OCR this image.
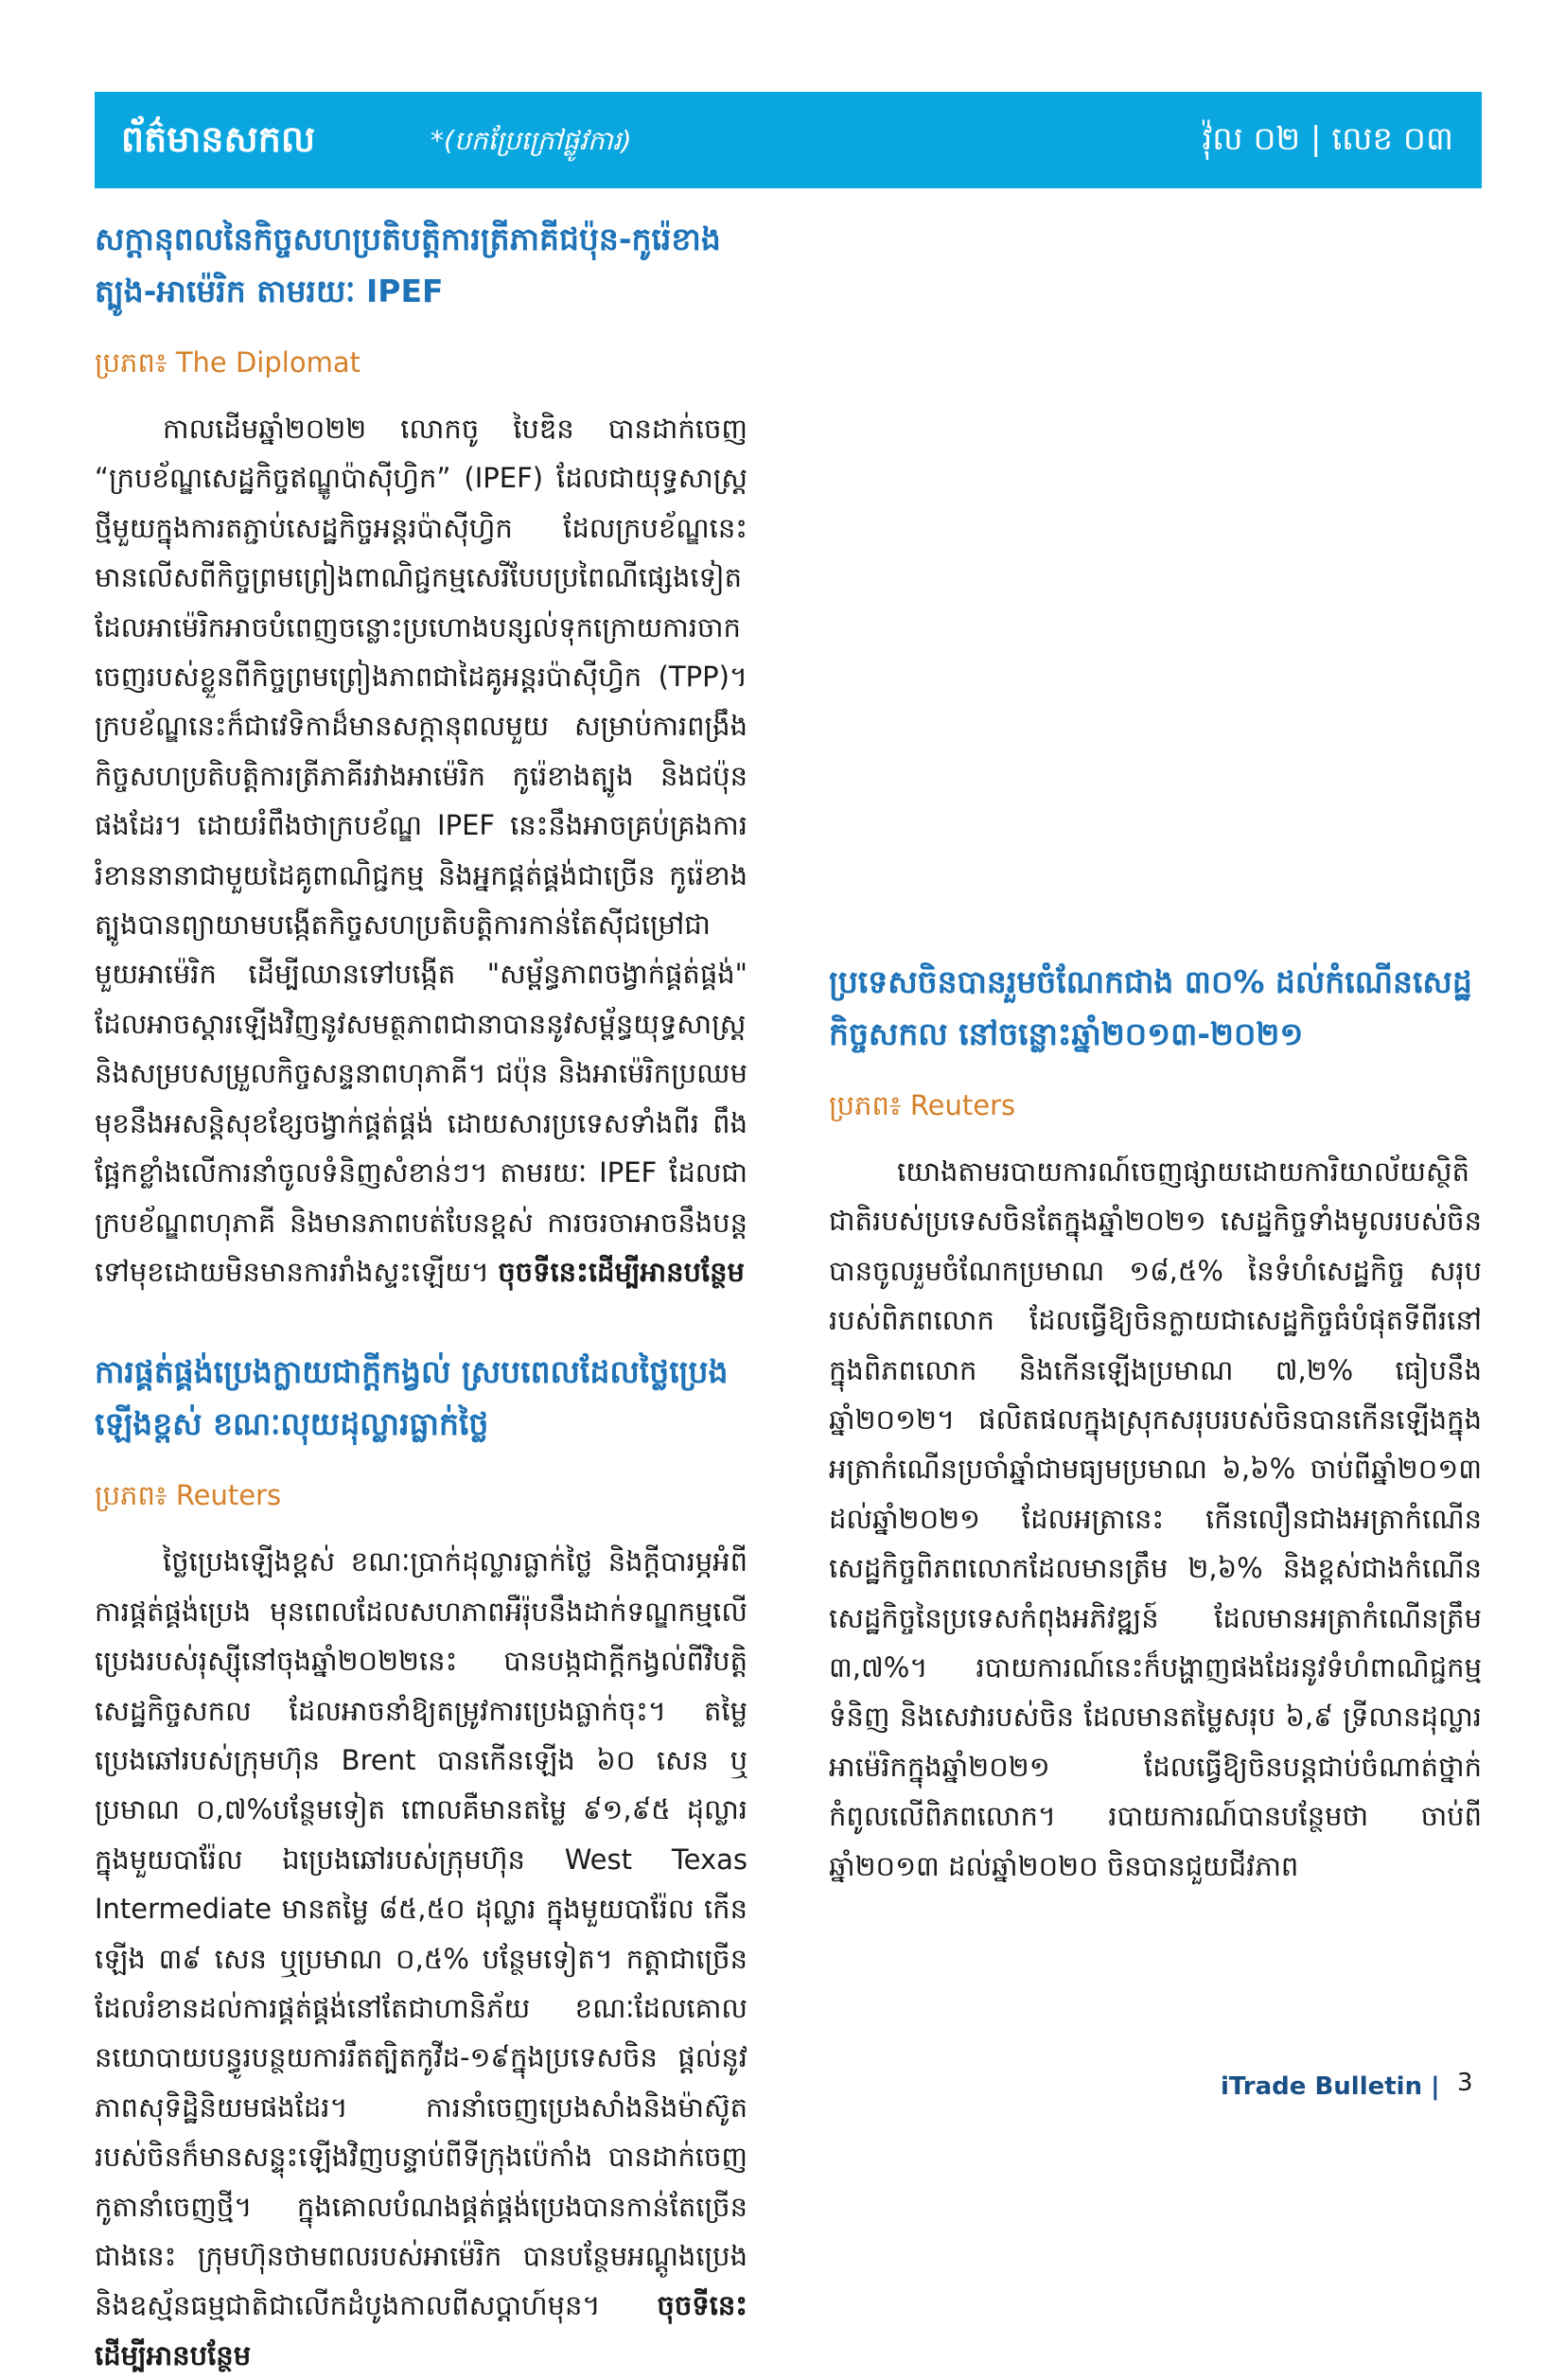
ព័ត៌មានសកល	*(បកប្រែក្រៅផ្លូវការ)	វ៉ុល ០២ | លេខ ០៣
សក្តានុពលនៃកិច្ចសហប្រតិបត្តិការត្រីភាគីជប៉ុន-កូរ៉េខាងត្បូង-អាម៉េរិក តាមរយៈ IPEF
ប្រភព៖ The Diplomat

កាលដើមឆ្នាំ២០២២ លោកចូ បៃឌិន បានដាក់ចេញ “ក្របខ័ណ្ឌសេដ្ឋកិច្ចឥណ្ឌូប៉ាស៊ីហ្វិក” (IPEF) ដែលជាយុទ្ធសាស្ត្រថ្មីមួយក្នុងការតភ្ជាប់សេដ្ឋកិច្ចអន្តរប៉ាស៊ីហ្វិក ដែលក្របខ័ណ្ឌនេះ មានលើសពីកិច្ចព្រមព្រៀងពាណិជ្ជកម្មសេរីបែបប្រពៃណីផ្សេងទៀត ដែលអាម៉េរិកអាចបំពេញចន្លោះប្រហោងបន្សល់ទុកក្រោយការចាកចេញរបស់ខ្លួនពីកិច្ចព្រមព្រៀងភាពជាដៃគូអន្តរប៉ាស៊ីហ្វិក (TPP)។ ក្របខ័ណ្ឌនេះក៏ជាវេទិកាដ៏មានសក្តានុពលមួយ សម្រាប់ការពង្រឹងកិច្ចសហប្រតិបត្តិការត្រីភាគីរវាងអាម៉េរិក កូរ៉េខាងត្បូង និងជប៉ុនផងដែរ។ ដោយរំពឹងថាក្របខ័ណ្ឌ IPEF នេះនឹងអាចគ្រប់គ្រងការរំខាននានាជាមួយដៃគូពាណិជ្ជកម្ម និងអ្នកផ្គត់ផ្គង់ជាច្រើន កូរ៉េខាងត្បូងបានព្យាយាមបង្កើតកិច្ចសហប្រតិបត្តិការកាន់តែស៊ីជម្រៅជាមួយអាម៉េរិក ដើម្បីឈានទៅបង្កើត "សម្ព័ន្ធភាពចង្វាក់ផ្គត់ផ្គង់" ដែលអាចស្តារឡើងវិញនូវសមត្ថភាពជានាបាននូវសម្ព័ន្ធយុទ្ធសាស្ត្រ និងសម្របសម្រួលកិច្ចសន្ទនាពហុភាគី។ ជប៉ុន និងអាម៉េរិកប្រឈមមុខនឹងអសន្តិសុខខ្សែចង្វាក់ផ្គត់ផ្គង់ ដោយសារប្រទេសទាំងពីរ ពឹងផ្អែកខ្លាំងលើការនាំចូលទំនិញសំខាន់ៗ។ តាមរយៈ IPEF ដែលជាក្របខ័ណ្ឌពហុភាគី និងមានភាពបត់បែនខ្ពស់ ការចរចាអាចនឹងបន្តទៅមុខដោយមិនមានការរាំងស្ទះឡើយ។ ចុចទីនេះដើម្បីអានបន្ថែម

ការផ្គត់ផ្គង់ប្រេងក្លាយជាក្តីកង្វល់ ស្របពេលដែលថ្លៃប្រេងឡើងខ្ពស់ ខណៈលុយដុល្លារធ្លាក់ថ្លៃ
ប្រភព៖ Reuters

ថ្លៃប្រេងឡើងខ្ពស់ ខណៈប្រាក់ដុល្លារធ្លាក់ថ្លៃ និងក្តីបារម្ភអំពីការផ្គត់ផ្គង់ប្រេង មុនពេលដែលសហភាពអឺរ៉ុបនឹងដាក់ទណ្ឌកម្មលើប្រេងរបស់រុស្ស៊ីនៅចុងឆ្នាំ២០២២នេះ បានបង្កជាក្តីកង្វល់ពីវិបត្តិសេដ្ឋកិច្ចសកល ដែលអាចនាំឱ្យតម្រូវការប្រេងធ្លាក់ចុះ។ តម្លៃប្រេងឆៅរបស់ក្រុមហ៊ុន Brent បានកើនឡើង ៦០ សេន ឬប្រមាណ ០,៧%បន្ថែមទៀត ពោលគឺមានតម្លៃ ៩១,៩៥ ដុល្លារក្នុងមួយបារ៉ែល ឯប្រេងឆៅរបស់ក្រុមហ៊ុន West Texas Intermediate មានតម្លៃ ៨៥,៥០ ដុល្លារ ក្នុងមួយបារ៉ែល កើនឡើង ៣៩ សេន ឬប្រមាណ ០,៥% បន្ថែមទៀត។ កត្តាជាច្រើនដែលរំខានដល់ការផ្គត់ផ្គង់នៅតែជាហានិភ័យ ខណៈដែលគោលនយោបាយបន្ធូរបន្ថយការរឹតត្បិតកូវីដ-១៩ក្នុងប្រទេសចិន ផ្តល់នូវភាពសុទិដ្ឋិនិយមផងដែរ។ ការនាំចេញប្រេងសាំងនិងម៉ាស៊ូតរបស់ចិនក៏មានសន្ទុះឡើងវិញបន្ទាប់ពីទីក្រុងប៉េកាំង បានដាក់ចេញកូតានាំចេញថ្មី។ ក្នុងគោលបំណងផ្គត់ផ្គង់ប្រេងបានកាន់តែច្រើនជាងនេះ ក្រុមហ៊ុនថាមពលរបស់អាម៉េរិក បានបន្ថែមអណ្តូងប្រេង និងឧស្ម័នធម្មជាតិជាលើកដំបូងកាលពីសប្តាហ៍មុន។ ចុចទីនេះដើម្បីអានបន្ថែម

ប្រទេសចិនបានរួមចំណែកជាង ៣០% ដល់កំណើនសេដ្ឋកិច្ចសកល នៅចន្លោះឆ្នាំ២០១៣-២០២១
ប្រភព៖ Reuters

យោងតាមរបាយការណ៍ចេញផ្សាយដោយការិយាល័យស្ថិតិជាតិរបស់ប្រទេសចិនតែក្នុងឆ្នាំ២០២១ សេដ្ឋកិច្ចទាំងមូលរបស់ចិនបានចូលរួមចំណែកប្រមាណ ១៨,៥% នៃទំហំសេដ្ឋកិច្ច សរុបរបស់ពិភពលោក ដែលធ្វើឱ្យចិនក្លាយជាសេដ្ឋកិច្ចធំបំផុតទីពីរនៅក្នុងពិភពលោក និងកើនឡើងប្រមាណ ៧,២% ធៀបនឹងឆ្នាំ២០១២។ ផលិតផលក្នុងស្រុកសរុបរបស់ចិនបានកើនឡើងក្នុងអត្រាកំណើនប្រចាំឆ្នាំជាមធ្យមប្រមាណ ៦,៦% ចាប់ពីឆ្នាំ២០១៣ ដល់ឆ្នាំ២០២១ ដែលអត្រានេះ កើនលឿនជាងអត្រាកំណើនសេដ្ឋកិច្ចពិភពលោកដែលមានត្រឹម ២,៦% និងខ្ពស់ជាងកំណើនសេដ្ឋកិច្ចនៃប្រទេសកំពុងអភិវឌ្ឍន៍ ដែលមានអត្រាកំណើនត្រឹម ៣,៧%។ របាយការណ៍នេះក៏បង្ហាញផងដែរនូវទំហំពាណិជ្ជកម្មទំនិញ និងសេវារបស់ចិន ដែលមានតម្លៃសរុប ៦,៩ ទ្រីលានដុល្លារអាម៉េរិកក្នុងឆ្នាំ២០២១ ដែលធ្វើឱ្យចិនបន្តជាប់ចំណាត់ថ្នាក់កំពូលលើពិភពលោក។ របាយការណ៍បានបន្ថែមថា ចាប់ពីឆ្នាំ២០១៣ ដល់ឆ្នាំ២០២០ ចិនបានជួយជីវភាព

iTrade Bulletin | 3
